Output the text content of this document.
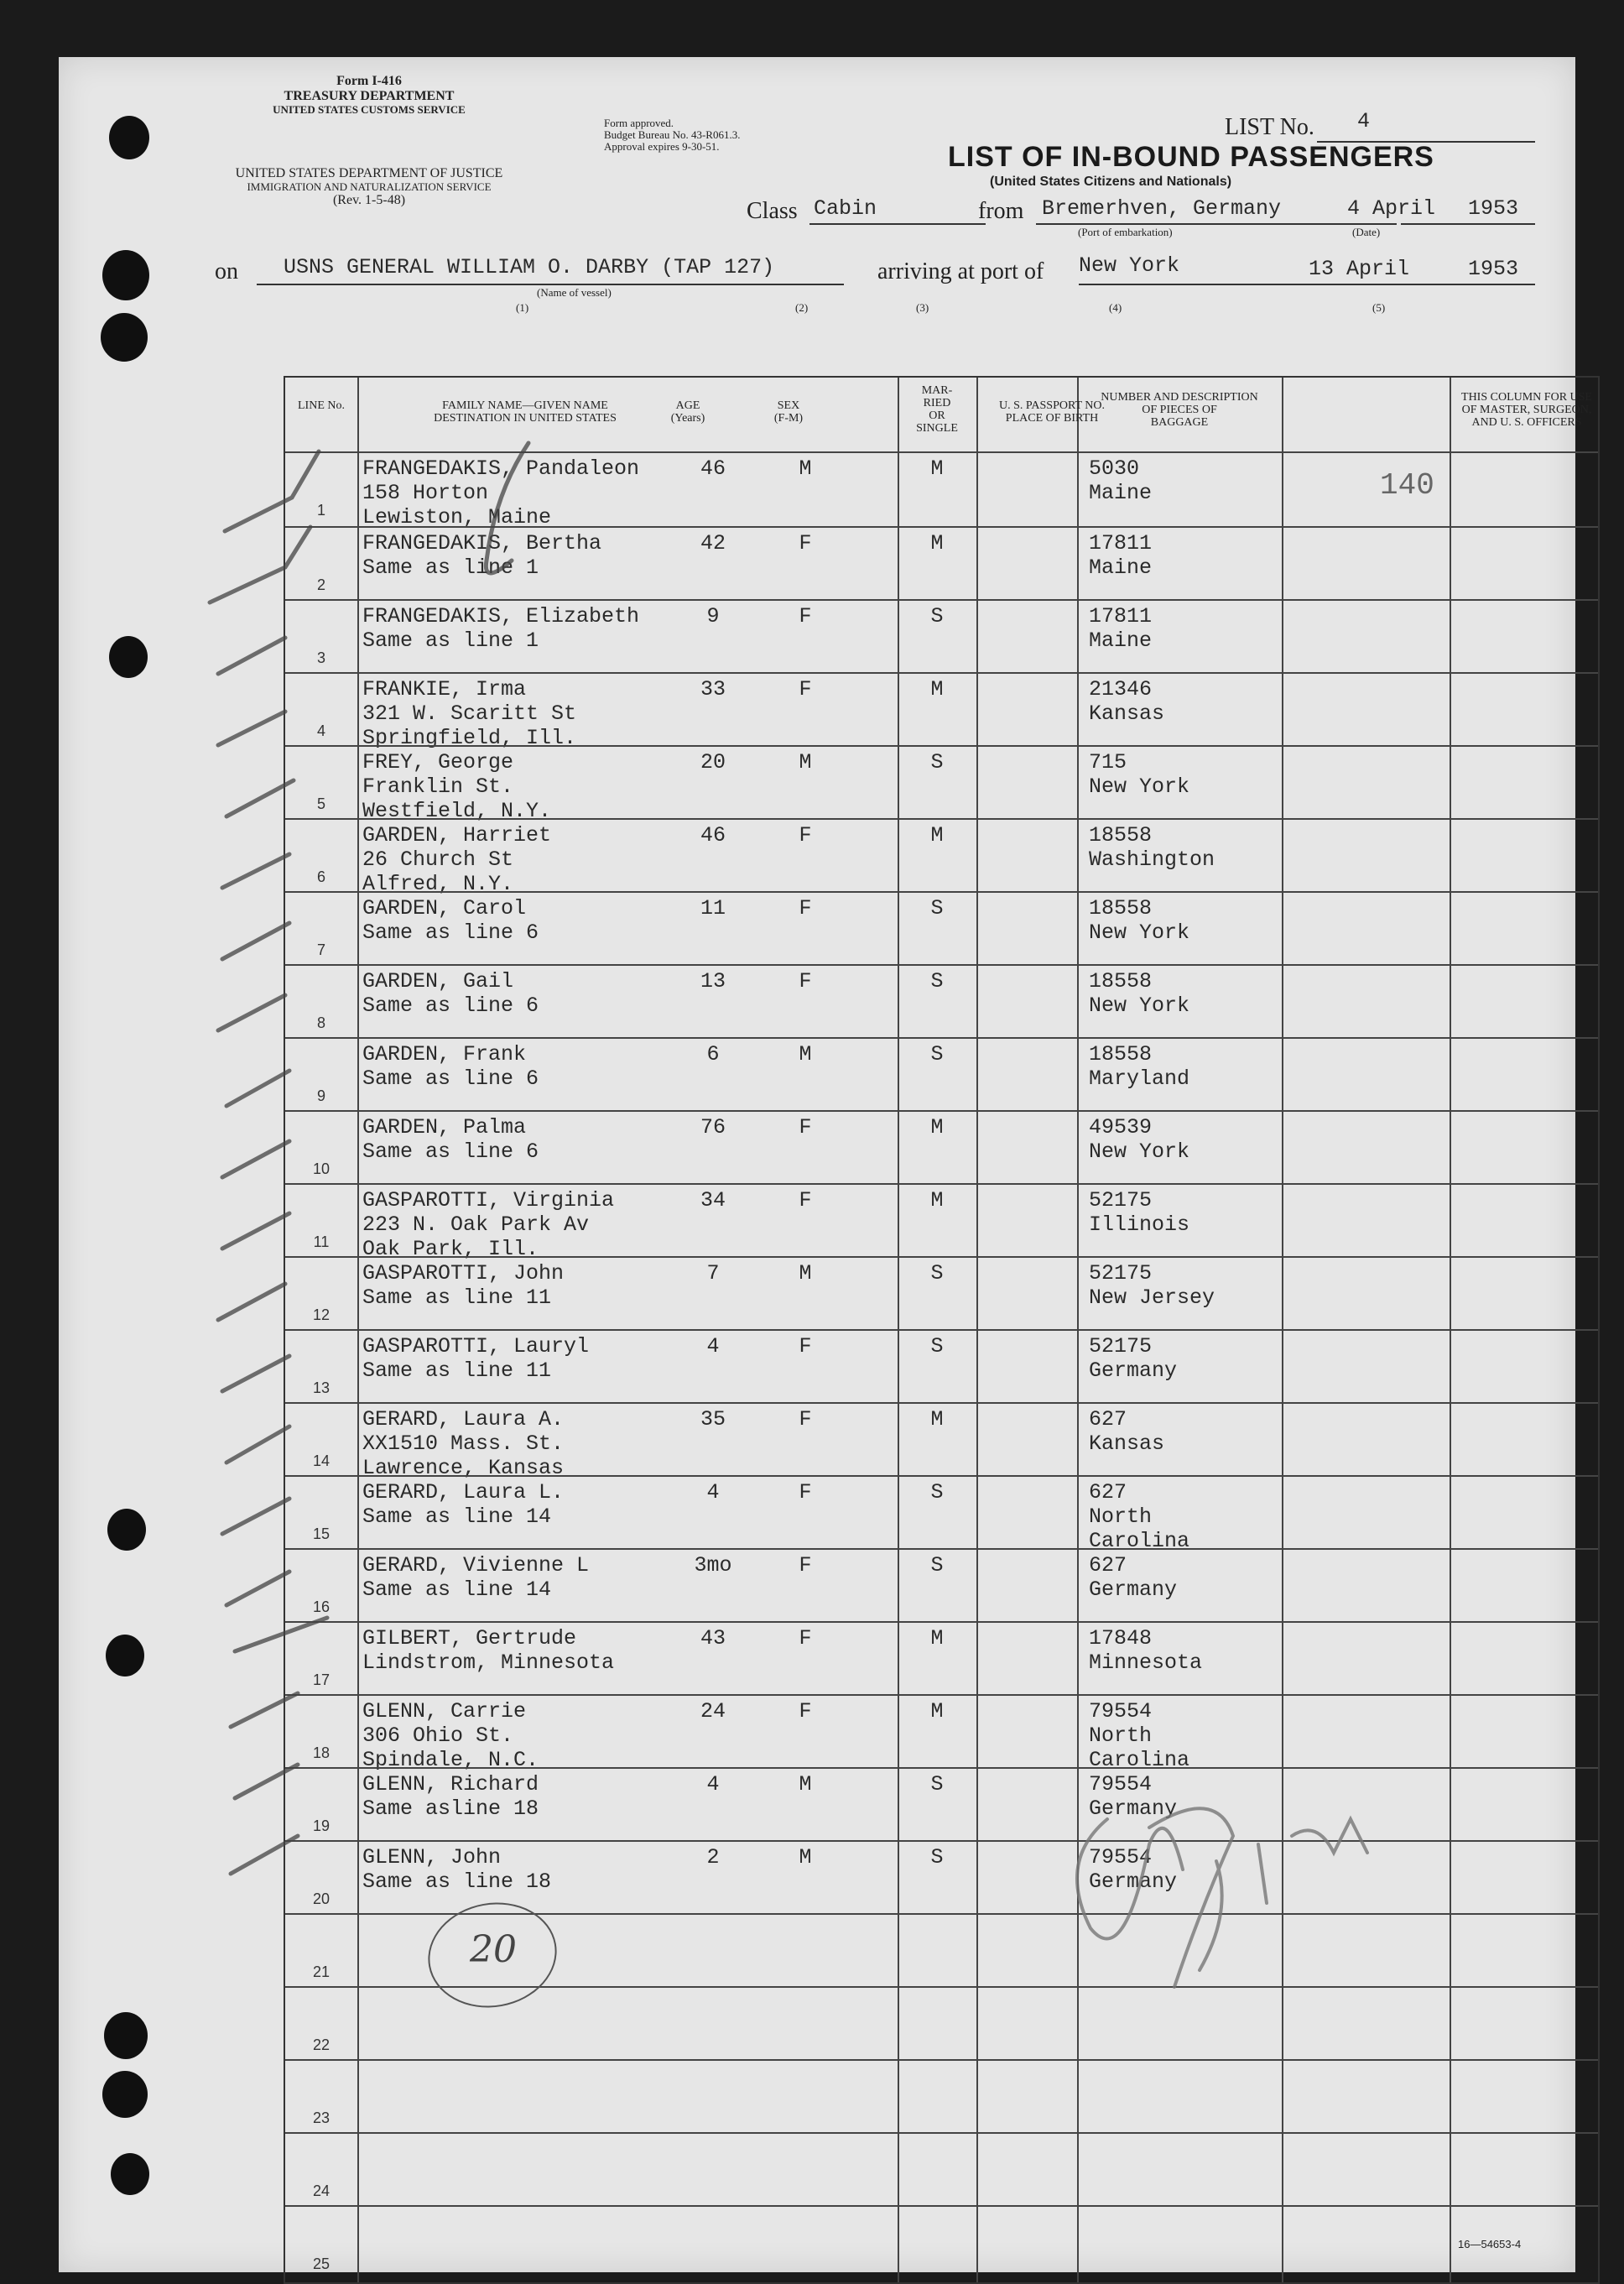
Form I-416
TREASURY DEPARTMENT
UNITED STATES CUSTOMS SERVICE
UNITED STATES DEPARTMENT OF JUSTICE
IMMIGRATION AND NATURALIZATION SERVICE
(Rev. 1-5-48)
Form approved.
Budget Bureau No. 43-R061.3.
Approval expires 9-30-51.
LIST No. 4
LIST OF IN-BOUND PASSENGERS
(United States Citizens and Nationals)
Class Cabin	from Bremerhven, Germany
(Port of embarkation)
4 April 1953
(Date)
on USNS GENERAL WILLIAM O. DARBY (TAP 127)
(Name of vessel)
arriving at port of New York	13 April	1953
(1)	(2)	(3)	(4)	(5)
LINE No.	FAMILY NAME—GIVEN NAME
DESTINATION IN UNITED STATES
AGE
(Years)
SEX
(F-M)
MAR-
RIED
OR
SINGLE
U. S. PASSPORT NO.
PLACE OF BIRTH
NUMBER AND DESCRIPTION
OF PIECES OF
BAGGAGE
THIS COLUMN FOR USE
OF MASTER, SURGEON,
AND U. S. OFFICERS
1
FRANGEDAKIS, Pandaleon
158 Horton
Lewiston, Maine
46	M	M	5030
Maine
2
FRANGEDAKIS, Bertha
Same as line 1
42	F	M	17811
Maine
3
FRANGEDAKIS, Elizabeth
Same as line 1
9	F	S	17811
Maine
4
FRANKIE, Irma
321 W. Scaritt St
Springfield, Ill.
33	F	M	21346
Kansas
5
FREY, George
Franklin St.
Westfield, N.Y.
20	M	S	715
New York
6
GARDEN, Harriet
26 Church St
Alfred, N.Y.
46	F	M	18558
Washington
7
GARDEN, Carol
Same as line 6
11	F	S	18558
New York
8
GARDEN, Gail
Same as line 6
13	F	S	18558
New York
9
GARDEN, Frank
Same as line 6
6	M	S	18558
Maryland
10
GARDEN, Palma
Same as line 6
76	F	M	49539
New York
11
GASPAROTTI, Virginia
223 N. Oak Park Av
Oak Park, Ill.
34	F	M	52175
Illinois
12
GASPAROTTI, John
Same as line 11
7	M	S	52175
New Jersey
13
GASPAROTTI, Lauryl
Same as line 11
4	F	S	52175
Germany
14
GERARD, Laura A.
XX1510 Mass. St.
Lawrence, Kansas
35	F	M	627
Kansas
15
GERARD, Laura L.
Same as line 14
4	F	S	627
North
Carolina
16
GERARD, Vivienne L
Same as line 14
3mo	F	S	627
Germany
17
GILBERT, Gertrude
Lindstrom, Minnesota
43	F	M	17848
Minnesota
18
GLENN, Carrie
306 Ohio St.
Spindale, N.C.
24	F	M	79554
North
Carolina
19
GLENN, Richard
Same asline 18
4	M	S	79554
Germany
20
GLENN, John
Same as line 18
2	M	S	79554
Germany
21
22
23
24
25
140
20
16—54653-4
